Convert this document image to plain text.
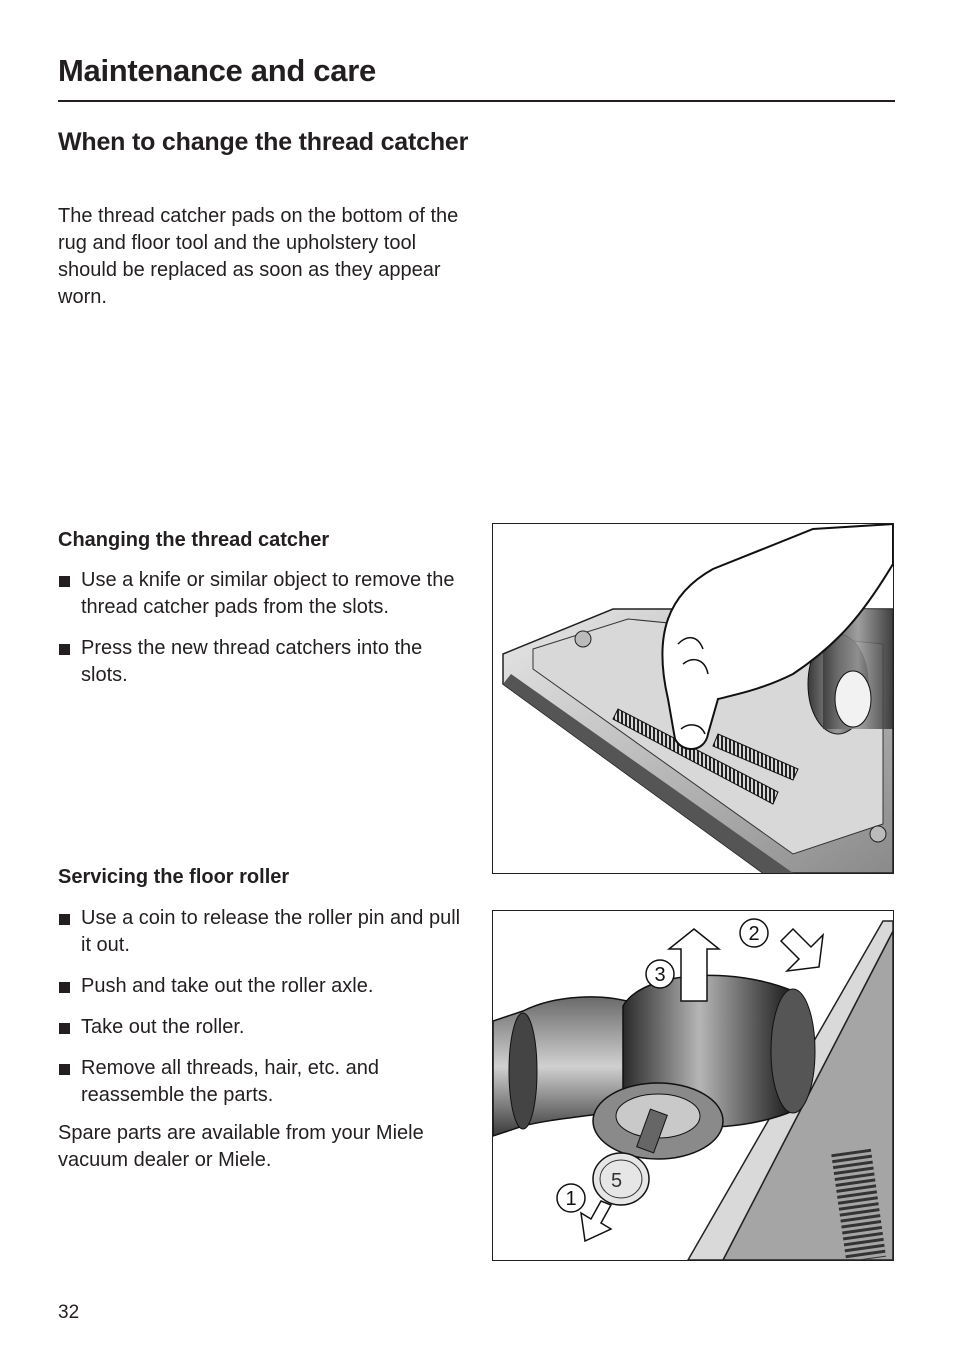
Maintenance and care
When to change the thread catcher

The thread catcher pads on the bottom of the rug and floor tool and the upholstery tool should be replaced as soon as they appear worn.

Changing the thread catcher
Use a knife or similar object to remove the thread catcher pads from the slots.
Press the new thread catchers into the slots.
Servicing the floor roller
Use a coin to release the roller pin and pull it out.
Push and take out the roller axle.
Take out the roller.
Remove all threads, hair, etc. and reassemble the parts.

Spare parts are available from your Miele vacuum dealer or Miele.

5
1
2
3
32
